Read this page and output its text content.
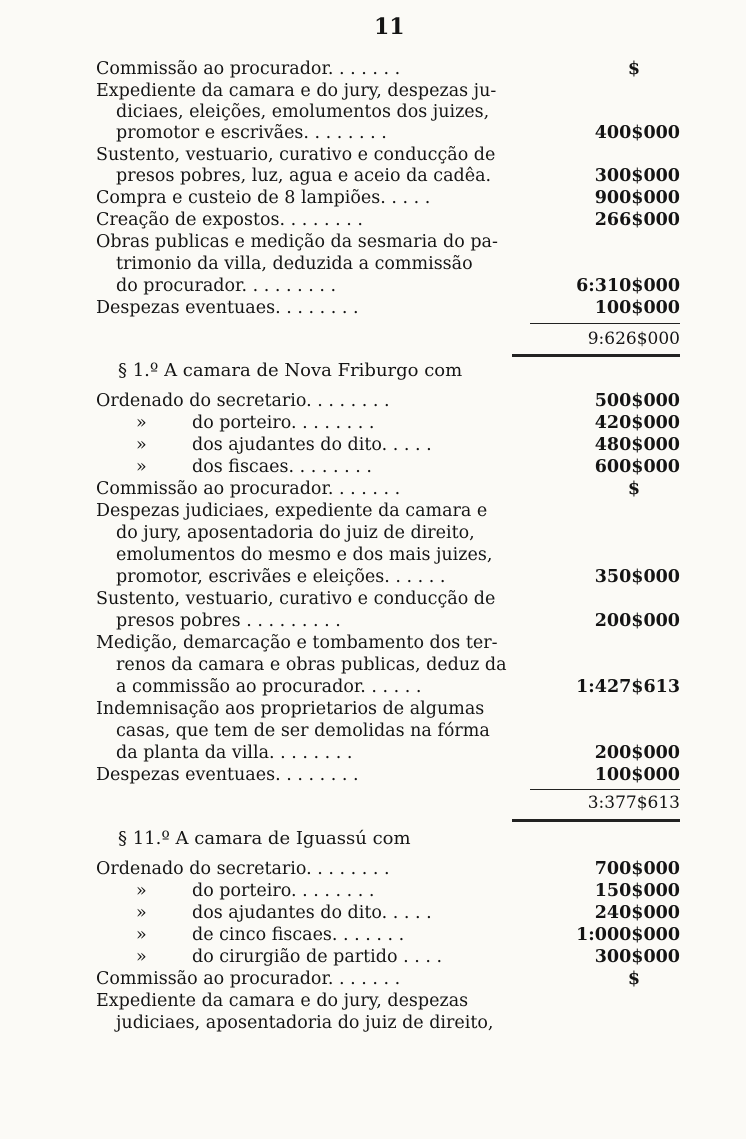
11
Commissão ao procurador. . . . . . .	$
Expediente da camara e do jury, despezas ju-
diciaes, eleições, emolumentos dos juizes,
promotor e escrivães. . . . . . . .	400$000
Sustento, vestuario, curativo e conducção de
presos pobres, luz, agua e aceio da cadêa.	300$000
Compra e custeio de 8 lampiões. . . . .	900$000
Creação de expostos. . . . . . . .	266$000
Obras publicas e medição da sesmaria do pa-
trimonio da villa, deduzida a commissão
do procurador. . . . . . . . .	6:310$000
Despezas eventuaes. . . . . . . .	100$000
9:626$000
§ 1.º A camara de Nova Friburgo com
Ordenado do secretario. . . . . . . .	500$000
»	do porteiro. . . . . . . .	420$000
»	dos ajudantes do dito. . . . .	480$000
»	dos fiscaes. . . . . . . .	600$000
Commissão ao procurador. . . . . . .	$
Despezas judiciaes, expediente da camara e
do jury, aposentadoria do juiz de direito,
emolumentos do mesmo e dos mais juizes,
promotor, escrivães e eleições. . . . . .	350$000
Sustento, vestuario, curativo e conducção de
presos pobres . . . . . . . . .	200$000
Medição, demarcação e tombamento dos ter-
renos da camara e obras publicas, deduz da
a commissão ao procurador. . . . . .	1:427$613
Indemnisação aos proprietarios de algumas
casas, que tem de ser demolidas na fórma
da planta da villa. . . . . . . .	200$000
Despezas eventuaes. . . . . . . .	100$000
3:377$613
§ 11.º A camara de Iguassú com
Ordenado do secretario. . . . . . . .	700$000
»	do porteiro. . . . . . . .	150$000
»	dos ajudantes do dito. . . . .	240$000
»	de cinco fiscaes. . . . . . .	1:000$000
»	do cirurgião de partido . . . .	300$000
Commissão ao procurador. . . . . . .	$
Expediente da camara e do jury, despezas
judiciaes, aposentadoria do juiz de direito,
